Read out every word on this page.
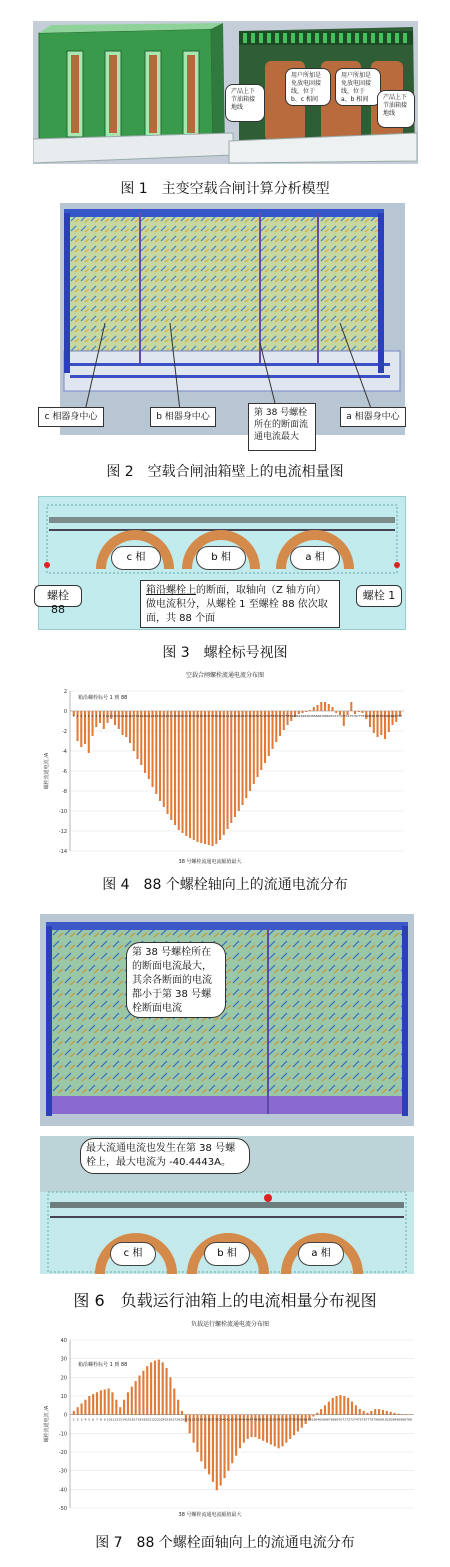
产品上下节油箱接地线
用户所加是免放电固接线，位于 b、c 相间
用户所加是免放电固接线，位于 a、b 相间	产品上下节油箱接地线
图 1　主变空载合闸计算分析模型
c 相器身中心	b 相器身中心	第 38 号螺栓所在的断面流通电流最大
a 相器身中心
图 2　空载合闸油箱壁上的电流相量图
c 相	b 相	a 相
螺栓 88
螺栓 1
箱沿螺栓上的断面，取轴向（Z 轴方向）做电流积分，从螺栓 1 至螺栓 88 依次取面，共 88 个面
图 3　螺栓标号视图
空载合闸螺栓流通电流分布图
2
0
-2
-4
-6
-8
-10
-12
-14
螺栓流通电流 /A
1 2 3 4 5 6 7 8 9 10 11 12 13 14 15 16 17 18 19 20 21 22 23 24 25 26 27 28 29 30 31 32 33 34 35 36 37 38 39 40 41 42 43 44 45 46 47 48 49 50 51 52 53 54 55 56 57 58 59 60 61 62 63 64 65 66 67 68 69 70 71 72 73 74 75 76 77 78 79 80 81 82 83 84 85 86 87 88
箱沿螺栓标号 1 到 88
38 号螺栓流通电流幅值最大
图 4　88 个螺栓轴向上的流通电流分布
第 38 号螺栓所在的断面电流最大，其余各断面的电流都小于第 38 号螺栓断面电流
最大流通电流也发生在第 38 号螺栓上，最大电流为 -40.4443A。
c 相	b 相	a 相
图 6　负载运行油箱上的电流相量分布视图
负载运行螺栓流通电流分布图
40
30
20
10
0
-10
-20
-30
-40
-50
螺栓流通电流 /A	1 2 3 4 5 6 7 8 9 10 11 12 13 14 15 16 17 18 19 20 21 22 23 24 25 26 27 28 29 30 31 32 33 34 35 36 37 38 39 40 41 42 43 44 45 46 47 48 49 50 51 52 53 54 55 56 57 58 59 60 61 62 63 64 65 66 67 68 69 70 71 72 73 74 75 76 77 78 79 80 81 82 83 84 85 86 87 88
箱沿螺栓标号 1 到 88
38 号螺栓流通电流幅值最大
图 7　88 个螺栓面轴向上的流通电流分布
